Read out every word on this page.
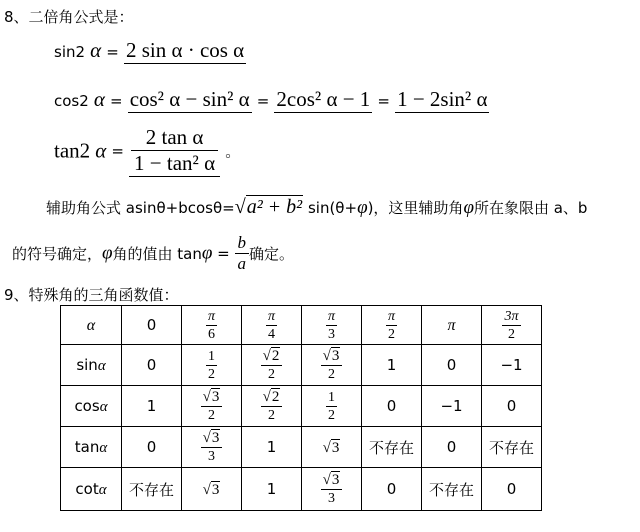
8、二倍角公式是：
sin2 α = 2 sin α · cos α
cos2 α = cos² α − sin² α = 2cos² α − 1 = 1 − 2sin² α
tan2 $\alpha = \frac{\text{2 tan α}}{\text{1 − tan² α}}$ 。
辅助角公式 asinθ+bcosθ=√a² + b² sin(θ+φ)，这里辅助角φ所在象限由 a、b
的符号确定，φ角的值由 $\tan\varphi = \frac{b}{a}$ 确定。
9、特殊角的三角函数值：
α	0	$\frac{\pi}{6}$	$\frac{\pi}{4}$	$\frac{\pi}{3}$	$\frac{\pi}{2}$	π	$\frac{3\pi}{2}$

sinα	0	$\frac{1}{2}$	$\frac{√2}{2}$	$\frac{√3}{2}$	1	0	−1
cosα	1	$\frac{√3}{2}$	$\frac{√2}{2}$	$\frac{1}{2}$	0	−1	0
tanα	0	$\frac{√3}{3}$	1	√3	不存在	0	不存在
cotα	不存在	√3	1	$\frac{√3}{3}$	0	不存在	0
